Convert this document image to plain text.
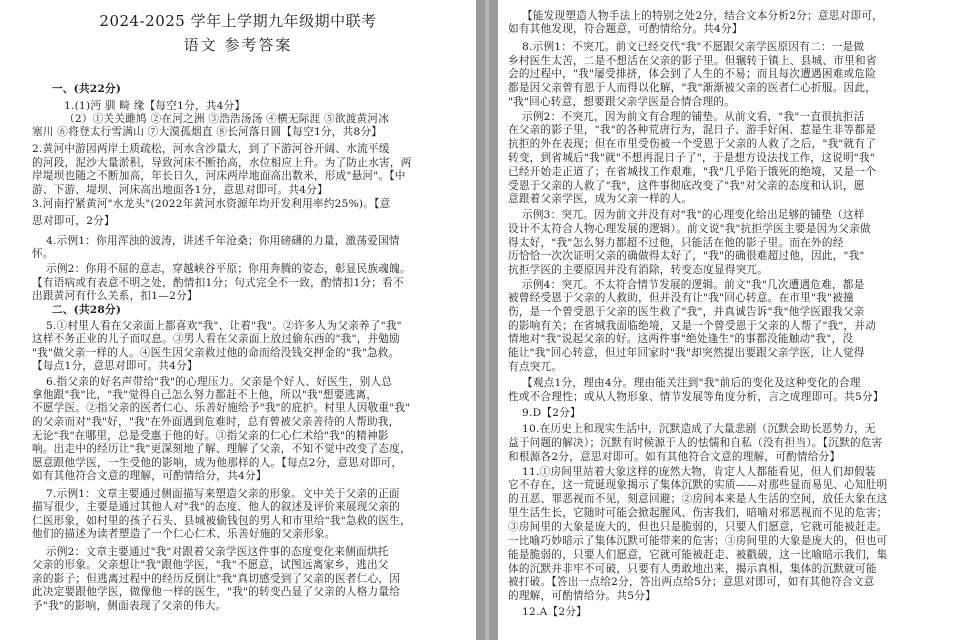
2024-2025 学年上学期九年级期中联考
语文 参考答案
一、(共22分)
1.(1)沔 驯 畸 缘【每空1分，共4分】
（2）①关关雎鸠 ②在河之洲 ③浩浩汤汤 ④横无际涯 ⑤欲渡黄河冰
塞川 ⑥将登太行雪满山 ⑦大漠孤烟直 ⑧长河落日圆【每空1分，共8分】
2.黄河中游因两岸土质疏松，河水含沙量大，到了下游河谷开阔、水流平缓
的河段，泥沙大量淤积，导致河床不断抬高，水位相应上升。为了防止水害，两
岸堤坝也随之不断加高，年长日久，河床两岸地面高出数米，形成"悬河"。【中
游、下游、堤坝、河床高出地面各1分，意思对即可。共4分】
3.河南拧紧黄河"水龙头"(2022年黄河水资源年均开发利用率约25%)。【意
思对即可，2分】
4.示例1：你用浑浊的波涛，讲述千年沧桑；你用磅礴的力量，激荡爱国情
怀。
示例2：你用不屈的意志，穿越峡谷平原；你用奔腾的姿态，彰显民族魂魄。
【有语病或有表意不明之处，酌情扣1分；句式完全不一致，酌情扣1分；看不
出跟黄河有什么关系，扣1—2分】
二、(共28分)
5.①村里人看在父亲面上都喜欢"我"、让着"我"。②许多人为父亲养了"我"
这样不务正业的儿子而叹息。③男人看在父亲面上放过偷东西的"我"，并勉励
"我"做父亲一样的人。④医生因父亲救过他的命而给没钱交押金的"我"急救。
【每点1分，意思对即可。共4分】
6.指父亲的好名声带给"我"的心理压力。父亲是个好人、好医生，别人总
拿他跟"我"比，"我"觉得自己怎么努力都赶不上他，所以"我"想要逃离，
不愿学医。②指父亲的医者仁心、乐善好施给予"我"的庇护。村里人因敬重"我"
的父亲而对"我"好，"我"在外面遇到危难时，总有曾被父亲善待的人帮助我，
无论"我"在哪里，总是受惠于他的好。③指父亲的仁心仁术给"我"的精神影
响。出走中的经历让"我"更深刻地了解、理解了父亲，不知不觉中改变了态度，
愿意跟他学医，一生受他的影响，成为他那样的人。【每点2分，意思对即可，
如有其他符合文意的理解，可酌情给分，共4分】
7.示例1：文章主要通过侧面描写来塑造父亲的形象。文中关于父亲的正面
描写很少，主要是通过其他人对"我"的态度、他人的叙述及评价来展现父亲的
仁医形象，如村里的孩子石头、县城被偷钱包的男人和市里给"我"急救的医生，
他们的描述为读者塑造了一个仁心仁术、乐善好施的父亲形象。
示例2：文章主要通过"我"对跟着父亲学医这件事的态度变化来侧面烘托
父亲的形象。父亲想让"我"跟他学医，"我"不愿意，试图远离家乡，逃出父
亲的影子；但逃离过程中的经历反倒让"我"真切感受到了父亲的医者仁心，因
此决定要跟他学医，做像他一样的医生，"我"的转变凸显了父亲的人格力量给
予"我"的影响，侧面表现了父亲的伟大。
【能发现塑造人物手法上的特别之处2分，结合文本分析2分；意思对即可，
如有其他发现，符合题意，可酌情给分。共4分】
8.示例1：不突兀。前文已经交代"我"不愿跟父亲学医原因有二：一是做
乡村医生太苦，二是不想活在父亲的影子里。但辗转于镇上、县城、市里和省
会的过程中，"我"屡受排挤，体会到了人生的不易；而且每次遭遇困难或危险
都是因父亲曾有恩于人而得以化解，"我"渐渐被父亲的医者仁心折服。因此，
"我"回心转意，想要跟父亲学医是合情合理的。
示例2：不突兀，因为前文有合理的铺垫。从前文看，"我"一直很抗拒活
在父亲的影子里，"我"的各种荒唐行为，混日子、游手好闲、惹是生非等都是
抗拒的外在表现；但在市里受伤被一个受恩于父亲的人救了之后，"我"就有了
转变，到省城后"我"就"不想再混日子了"，于是想方设法找工作，这说明"我"
已经开始走正道了；在省城找工作艰难，"我"几乎陷于饿死的绝境，又是一个
受恩于父亲的人救了"我"，这件事彻底改变了"我"对父亲的态度和认识，愿
意跟着父亲学医，成为父亲一样的人。
示例3：突兀。因为前文并没有对"我"的心理变化给出足够的铺垫（这样
设计不太符合人物心理发展的逻辑）。前文说"我"抗拒学医主要是因为父亲做
得太好，"我"怎么努力都超不过他，只能活在他的影子里。而在外的经
历恰恰一次次证明父亲的确做得太好了，"我"的确很难超过他，因此，"我"
抗拒学医的主要原因并没有消除，转变态度显得突兀。
示例4：突兀。不太符合情节发展的逻辑。前文"我"几次遭遇危难，都是
被曾经受恩于父亲的人救助，但并没有让"我"回心转意。在市里"我"被撞
伤，是一个曾受恩于父亲的医生救了"我"，并真诚告诉"我"他学医跟我父亲
的影响有关；在省城我面临绝境，又是一个曾受恩于父亲的人帮了"我"，并动
情地对"我"说起父亲的好。这两件事"绝处逢生"的事都没能触动"我"，没
能让"我"回心转意，但过年回家时"我"却突然提出要跟父亲学医，让人觉得
有点突兀。
【观点1分，理由4分。理由能关注到"我"前后的变化及这种变化的合理
性或不合理性；或从人物形象、情节发展等角度分析，言之成理即可。共5分】
9.D【2分】
10.在历史上和现实生活中，沉默造成了大量悲剧（沉默会助长恶势力，无
益于问题的解决）；沉默有时候源于人的怯懦和自私（没有担当）。【沉默的危害
和根源各2分，意思对即可。如有其他符合文意的理解，可酌情给分】
11.①房间里站着大象这样的庞然大物，肯定人人都能看见，但人们却假装
它不存在，这一荒诞现象揭示了集体沉默的实质——对那些显而易见、心知肚明
的丑恶、罪恶视而不见，刻意回避；②房间本来是人生活的空间，放任大象在这
里生活生长，它随时可能会掀起腥风、伤害我们，暗喻对邪恶视而不见的危害；
③房间里的大象是庞大的，但也只是脆弱的，只要人们愿意，它就可能被赶走。
一比喻巧妙暗示了集体沉默可能带来的危害；③房间里的大象是庞大的，但也可
能是脆弱的，只要人们愿意，它就可能被赶走、被戳破，这一比喻暗示我们，集
体的沉默并非牢不可破，只要有人勇敢地出来，揭示真相，集体的沉默就可能
被打破。【答出一点给2分，答出两点给5分；意思对即可，如有其他符合文意
的理解，可酌情给分。共5分】
12.A【2分】
